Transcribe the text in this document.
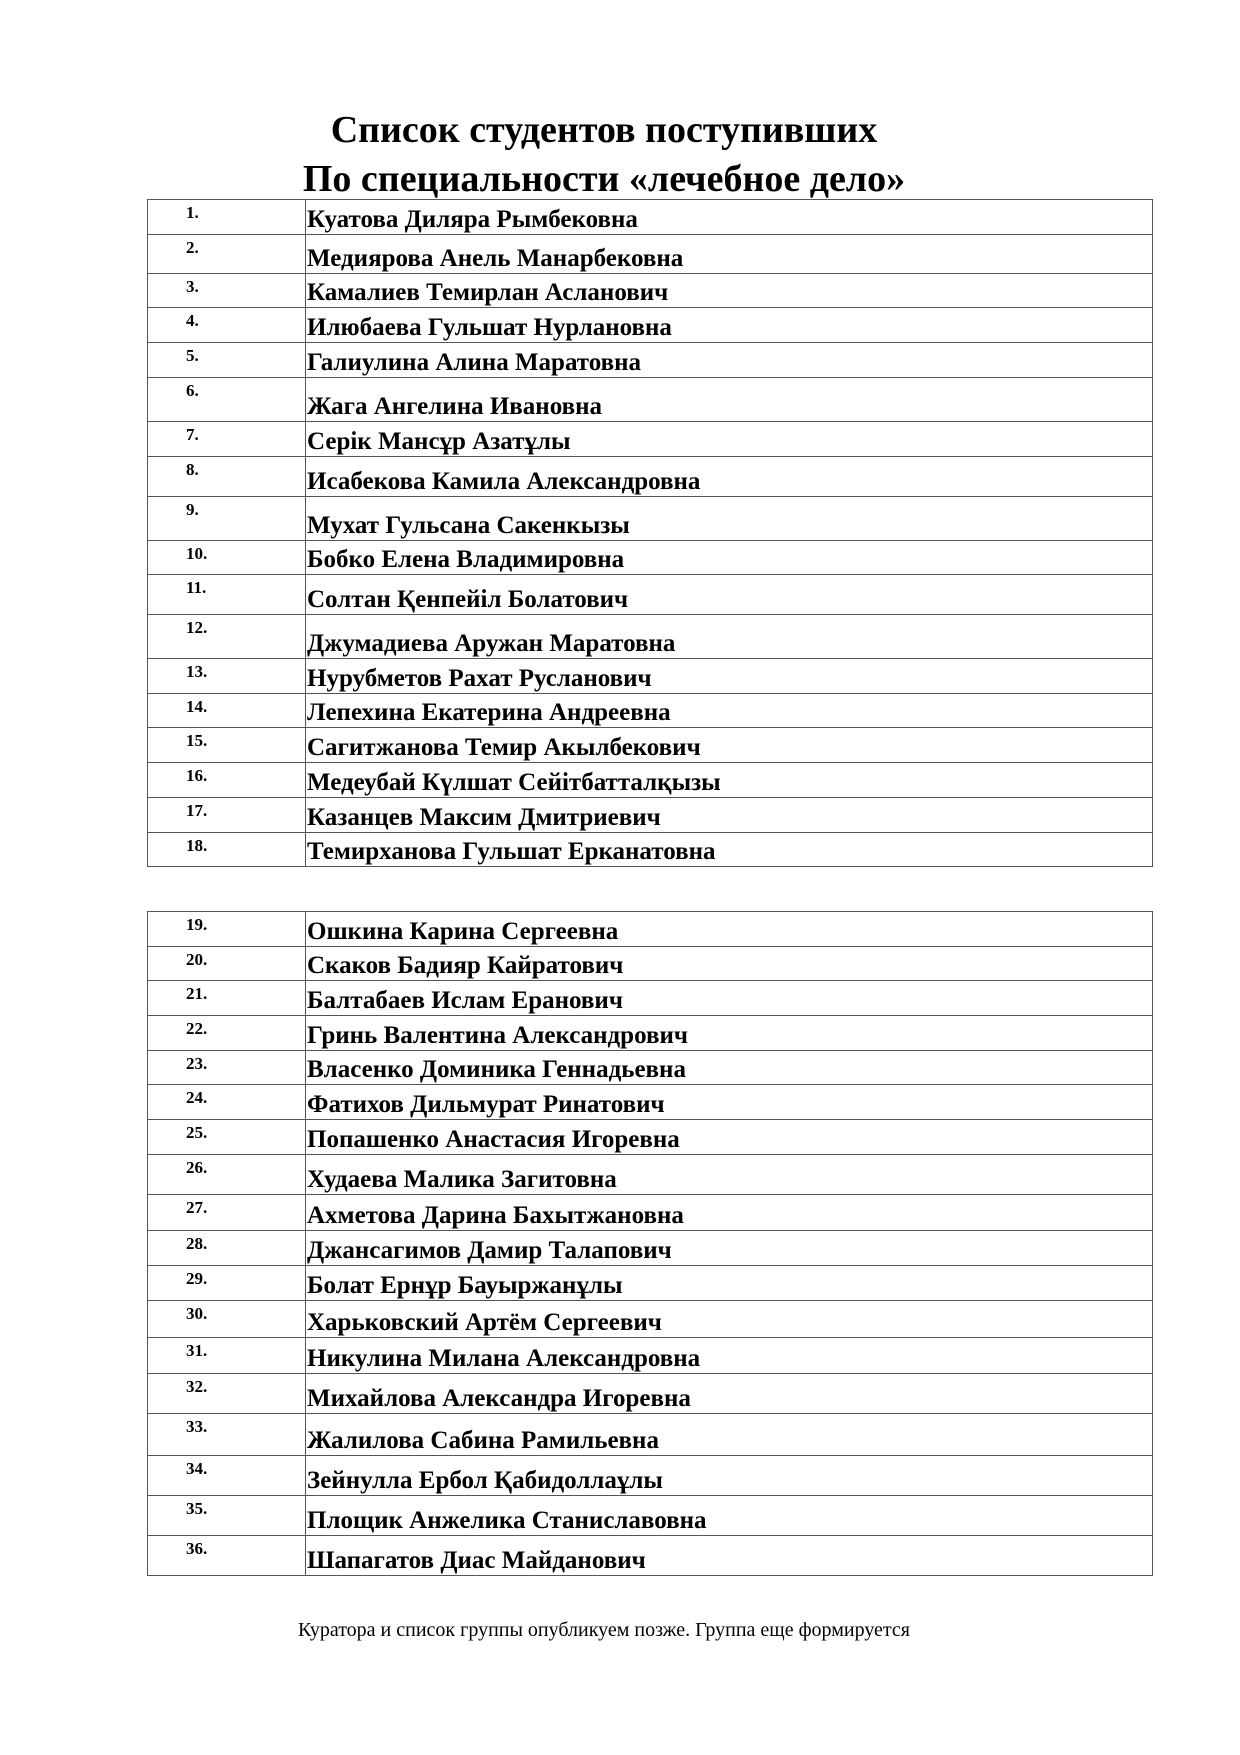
Список студентов поступивших
По специальности «лечебное дело»
1.	Куатова Диляра Рымбековна
2.	Медиярова Анель Манарбековна
3.	Камалиев Темирлан Асланович
4.	Илюбаева Гульшат Нурлановна
5.	Галиулина Алина Маратовна
6.	Жага Ангелина Ивановна
7.	Серік Мансұр Азатұлы
8.	Исабекова Камила Александровна
9.	Мухат Гульсана Сакенкызы
10.	Бобко Елена Владимировна
11.	Солтан Қенпейіл Болатович
12.	Джумадиева Аружан Маратовна
13.	Нурубметов Рахат Русланович
14.	Лепехина Екатерина Андреевна
15.	Сагитжанова Темир Акылбекович
16.	Медеубай Күлшат Сейітбатталқызы
17.	Казанцев Максим Дмитриевич
18.	Темирханова Гульшат Ерканатовна
19.	Ошкина Карина Сергеевна
20.	Скаков Бадияр Кайратович
21.	Балтабаев Ислам Еранович
22.	Гринь Валентина Александрович
23.	Власенко Доминика Геннадьевна
24.	Фатихов Дильмурат Ринатович
25.	Попашенко Анастасия Игоревна
26.	Худаева Малика Загитовна
27.	Ахметова Дарина Бахытжановна
28.	Джансагимов Дамир Талапович
29.	Болат Ернұр Бауыржанұлы
30.	Харьковский Артём Сергеевич
31.	Никулина Милана Александровна
32.	Михайлова Александра Игоревна
33.	Жалилова Сабина Рамильевна
34.	Зейнулла Ербол Қабидоллаұлы
35.	Площик Анжелика Станиславовна
36.	Шапагатов Диас Майданович
Куратора и список группы опубликуем позже. Группа еще формируется
